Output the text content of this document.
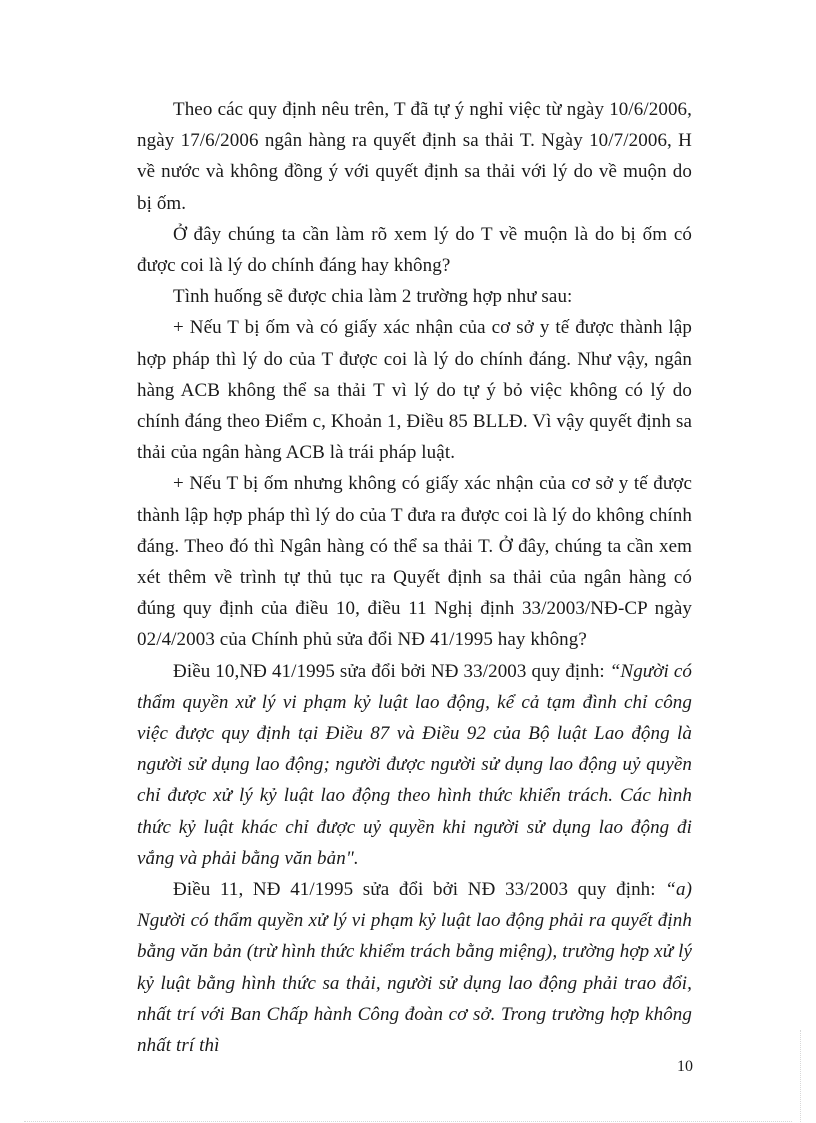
Theo các quy định nêu trên, T đã tự ý nghỉ việc từ ngày 10/6/2006, ngày 17/6/2006 ngân hàng ra quyết định sa thải T. Ngày 10/7/2006, H về nước và không đồng ý với quyết định sa thải với lý do về muộn do bị ốm.

Ở đây chúng ta cần làm rõ xem lý do T về muộn là do bị ốm có được coi là lý do chính đáng hay không?

Tình huống sẽ được chia làm 2 trường hợp như sau:

+ Nếu T bị ốm và có giấy xác nhận của cơ sở y tế được thành lập hợp pháp thì lý do của T được coi là lý do chính đáng. Như vậy, ngân hàng ACB không thể sa thải T vì lý do tự ý bỏ việc không có lý do chính đáng theo Điểm c, Khoản 1, Điều 85 BLLĐ. Vì vậy quyết định sa thải của ngân hàng ACB là trái pháp luật.

+ Nếu T bị ốm nhưng không có giấy xác nhận của cơ sở y tế được thành lập hợp pháp thì lý do của T đưa ra được coi là lý do không chính đáng. Theo đó thì Ngân hàng có thể sa thải T. Ở đây, chúng ta cần xem xét thêm về trình tự thủ tục ra Quyết định sa thải của ngân hàng có đúng quy định của điều 10, điều 11 Nghị định 33/2003/NĐ-CP ngày 02/4/2003 của Chính phủ sửa đổi NĐ 41/1995 hay không?

Điều 10,NĐ 41/1995 sửa đổi bởi NĐ 33/2003 quy định: “Người có thẩm quyền xử lý vi phạm kỷ luật lao động, kể cả tạm đình chỉ công việc được quy định tại Điều 87 và Điều 92 của Bộ luật Lao động là người sử dụng lao động; người được người sử dụng lao động uỷ quyền chỉ được xử lý kỷ luật lao động theo hình thức khiển trách. Các hình thức kỷ luật khác chỉ được uỷ quyền khi người sử dụng lao động đi vắng và phải bằng văn bản".

Điều 11, NĐ 41/1995 sửa đổi bởi NĐ 33/2003 quy định: “a) Người có thẩm quyền xử lý vi phạm kỷ luật lao động phải ra quyết định bằng văn bản (trừ hình thức khiểm trách bằng miệng), trường hợp xử lý kỷ luật bằng hình thức sa thải, người sử dụng lao động phải trao đổi, nhất trí với Ban Chấp hành Công đoàn cơ sở. Trong trường hợp không nhất trí thì

10
